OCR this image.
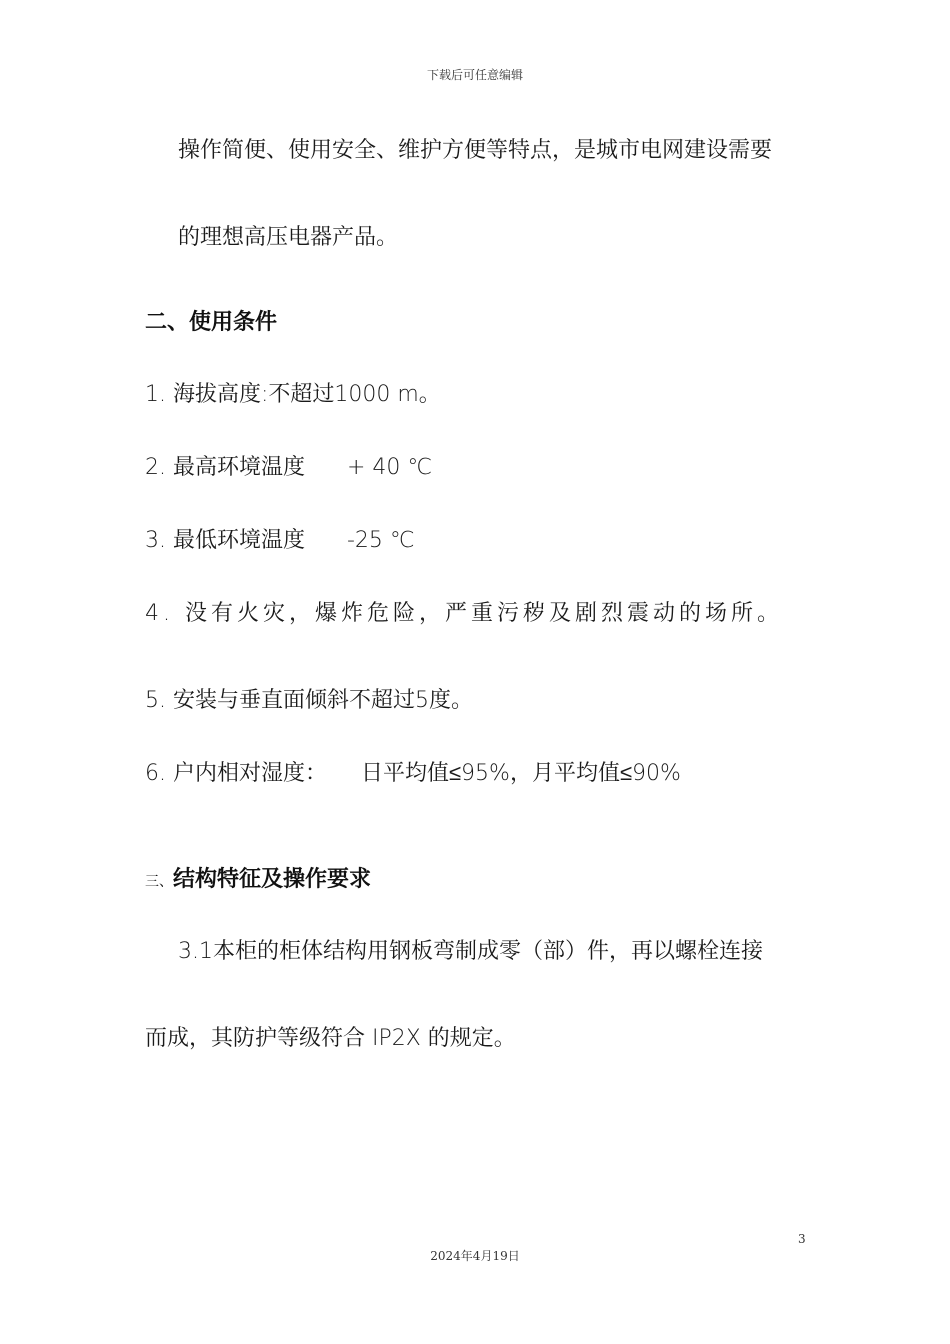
下载后可任意编辑
操作简便、使用安全、维护方便等特点，是城市电网建设需要
的理想高压电器产品。
二、使用条件
1. 海拔高度:不超过1000 m。
2. 最高环境温度 + 40 ℃
3. 最低环境温度 -25 ℃
4. 没有火灾，爆炸危险，严重污秽及剧烈震动的场所。
5. 安装与垂直面倾斜不超过5度。
6. 户内相对湿度： 日平均值≤95%，月平均值≤90%
三、结构特征及操作要求
3.1本柜的柜体结构用钢板弯制成零（部）件，再以螺栓连接
而成，其防护等级符合 IP2X 的规定。
3
2024年4月19日
